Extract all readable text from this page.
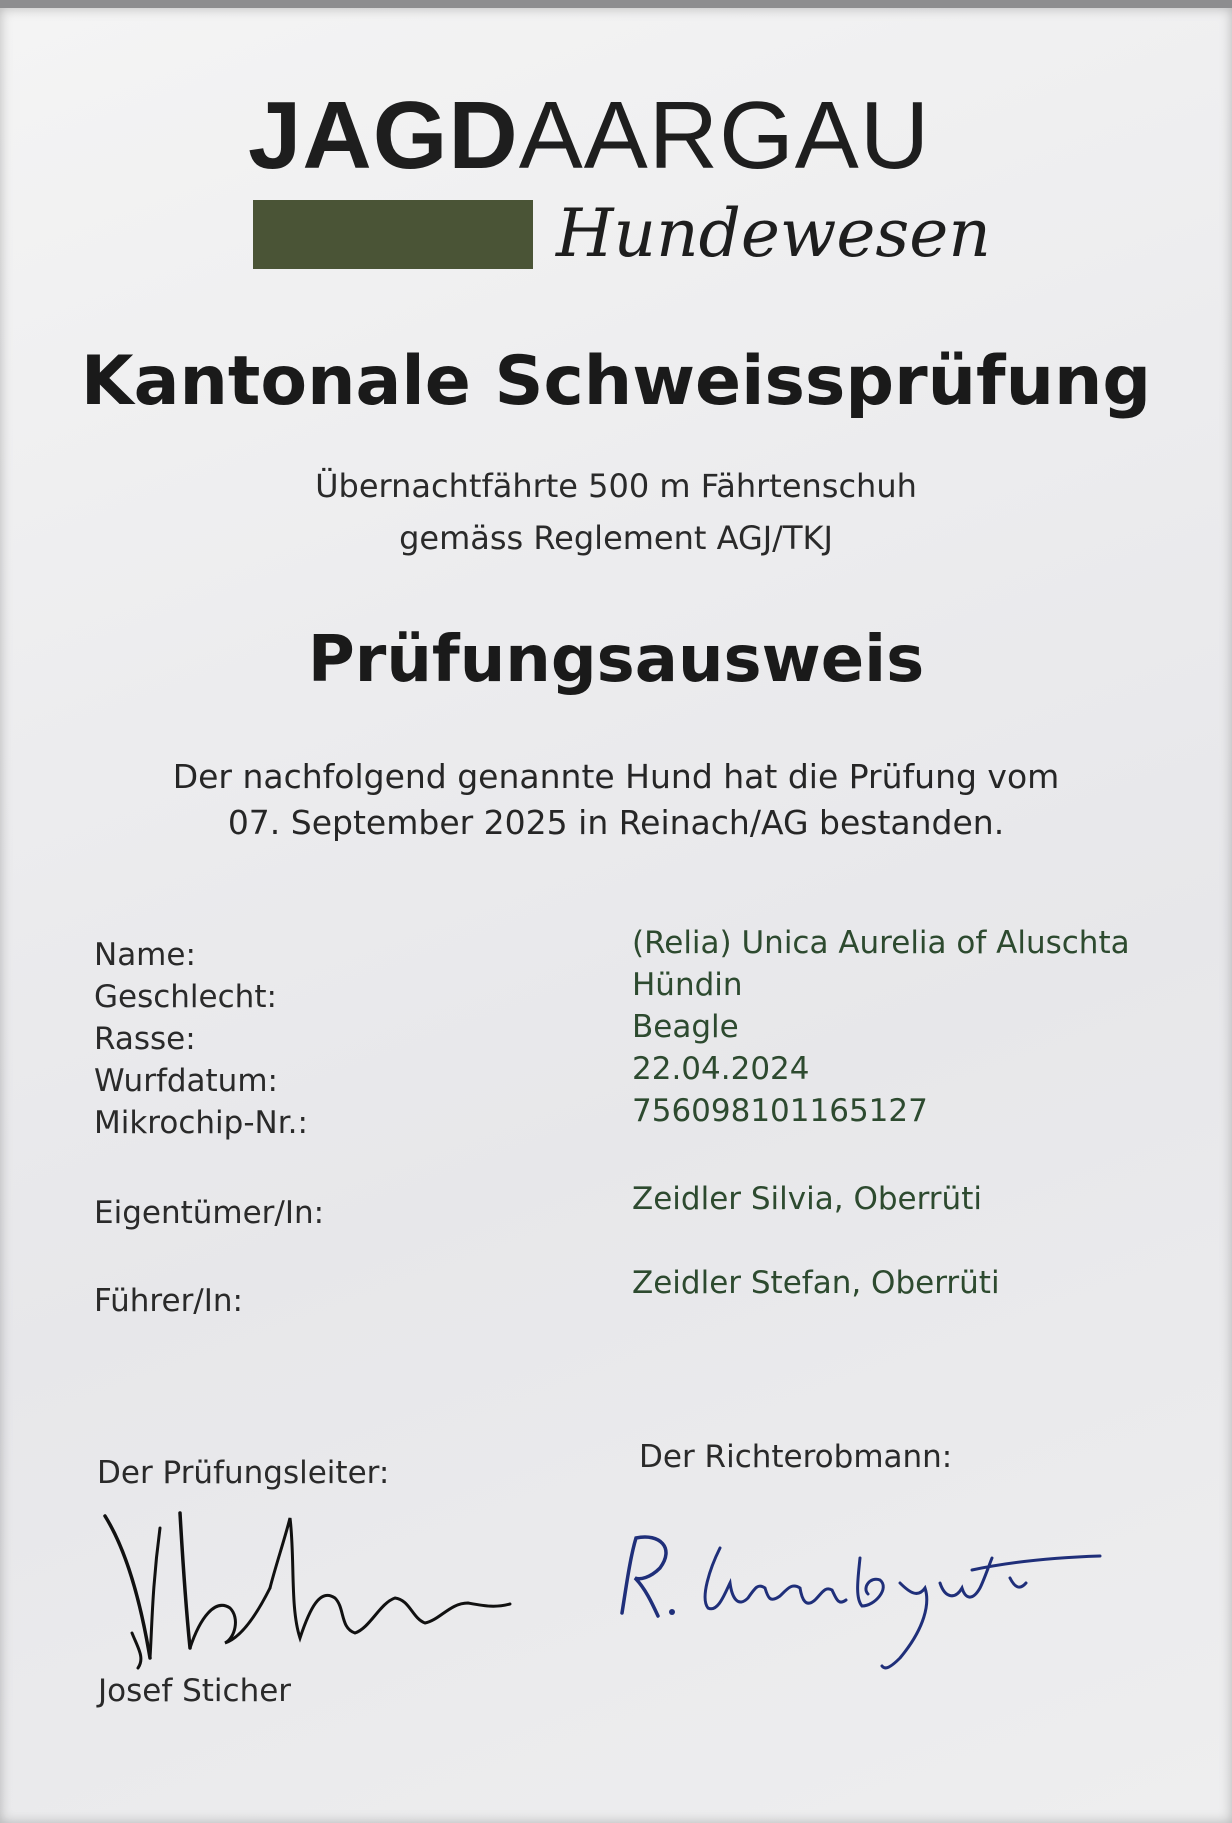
JAGDAARGAU
Hundewesen
Kantonale Schweissprüfung
Übernachtfährte 500 m Fährtenschuh
gemäss Reglement AGJ/TKJ
Prüfungsausweis
Der nachfolgend genannte Hund hat die Prüfung vom
07. September 2025 in Reinach/AG bestanden.
Name:	(Relia) Unica Aurelia of Aluschta
Geschlecht:	Hündin
Rasse:	Beagle
Wurfdatum:	22.04.2024
Mikrochip-Nr.:	756098101165127
Eigentümer/In:	Zeidler Silvia, Oberrüti
Führer/In:	Zeidler Stefan, Oberrüti
Der Prüfungsleiter:	Der Richterobmann:
Josef Sticher
